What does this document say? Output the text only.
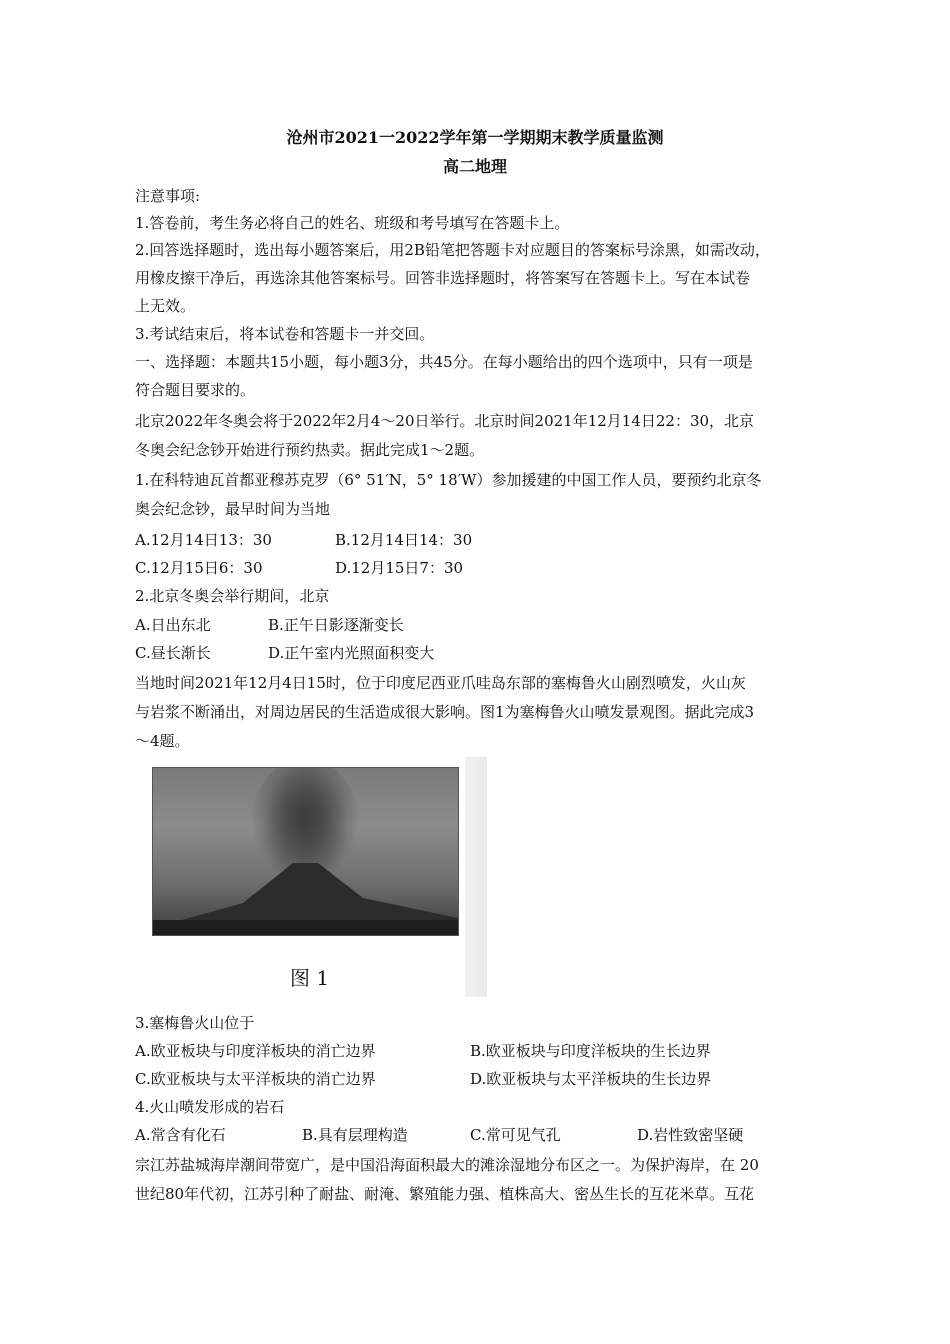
沧州市2021一2022学年第一学期期末教学质量监测
高二地理
注意事项:
1.答卷前，考生务必将自己的姓名、班级和考号填写在答题卡上。
2.回答选择题时，选出每小题答案后，用2B铅笔把答题卡对应题目的答案标号涂黑，如需改动，
用橡皮擦干净后，再选涂其他答案标号。回答非选择题时，将答案写在答题卡上。写在本试卷
上无效。
3.考试结束后，将本试卷和答题卡一并交回。
一、选择题：本题共15小题，每小题3分，共45分。在每小题给出的四个选项中，只有一项是
符合题目要求的。
北京2022年冬奥会将于2022年2月4～20日举行。北京时间2021年12月14日22：30，北京
冬奥会纪念钞开始进行预约热卖。据此完成1～2题。
1.在科特迪瓦首都亚穆苏克罗（6° 51′N，5° 18′W）参加援建的中国工作人员，要预约北京冬
奥会纪念钞，最早时间为当地
A.12月14日13：30	B.12月14日14：30
C.12月15日6：30	D.12月15日7：30
2.北京冬奥会举行期间，北京
A.日出东北	B.正午日影逐渐变长
C.昼长渐长	D.正午室内光照面积变大
当地时间2021年12月4日15时，位于印度尼西亚爪哇岛东部的塞梅鲁火山剧烈喷发，火山灰
与岩浆不断涌出，对周边居民的生活造成很大影响。图1为塞梅鲁火山喷发景观图。据此完成3
～4题。
图 1
3.塞梅鲁火山位于
A.欧亚板块与印度洋板块的消亡边界	B.欧亚板块与印度洋板块的生长边界
C.欧亚板块与太平洋板块的消亡边界	D.欧亚板块与太平洋板块的生长边界
4.火山喷发形成的岩石
A.常含有化石	B.具有层理构造	C.常可见气孔	D.岩性致密坚硬
宗江苏盐城海岸潮间带宽广，是中国沿海面积最大的滩涂湿地分布区之一。为保护海岸，在 20
世纪80年代初，江苏引种了耐盐、耐淹、繁殖能力强、植株高大、密丛生长的互花米草。互花
